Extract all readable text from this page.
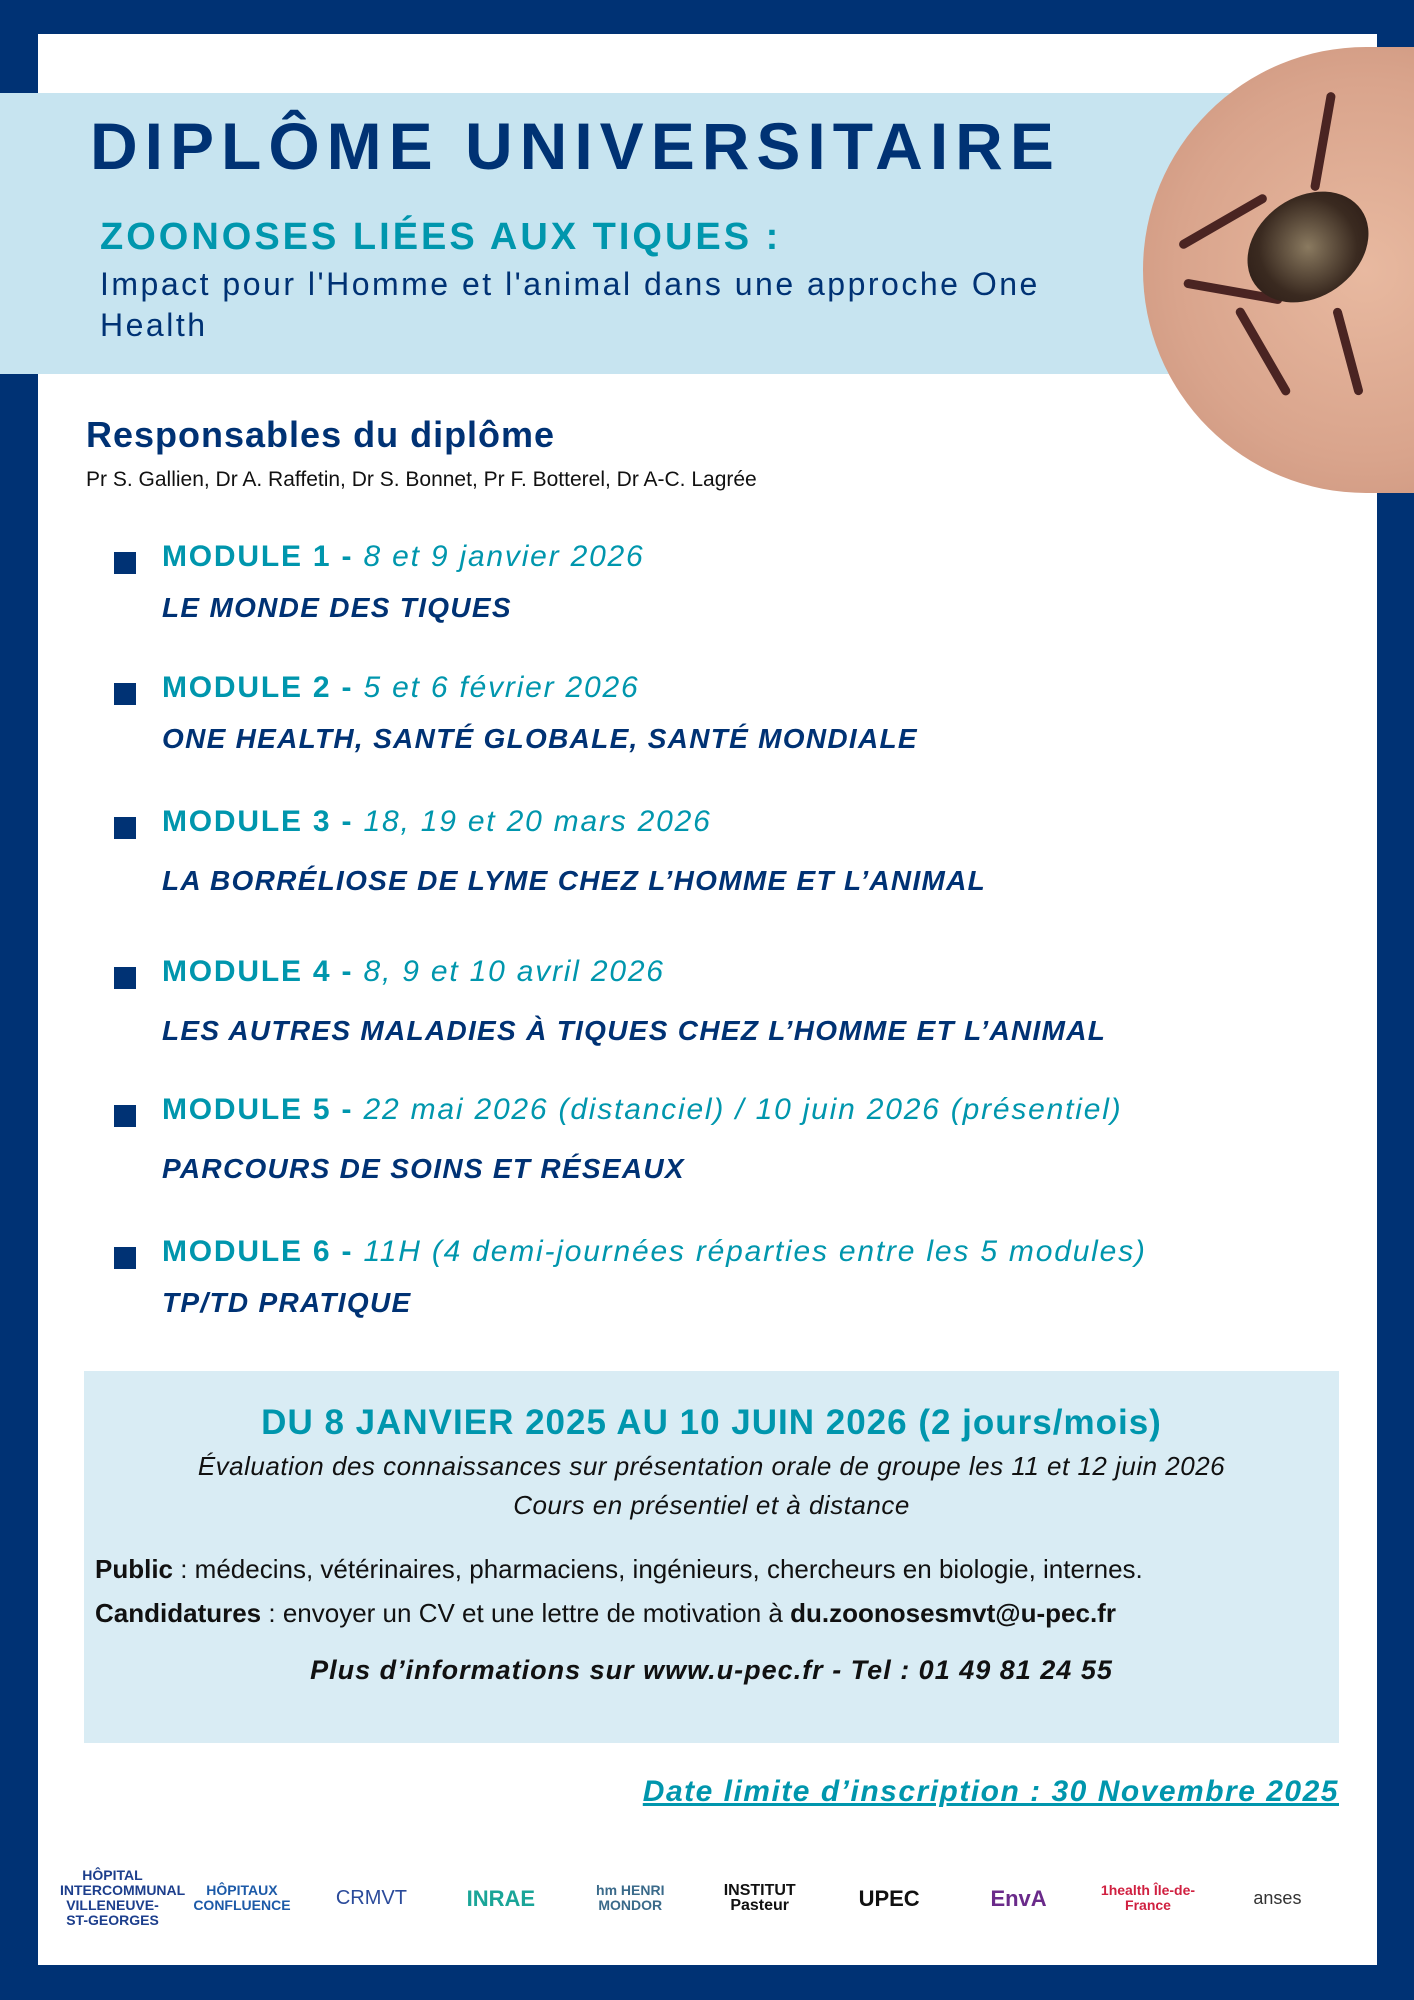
DIPLÔME UNIVERSITAIRE
ZOONOSES LIÉES AUX TIQUES :
Impact pour l'Homme et l'animal dans une approche One Health
Responsables du diplôme
Pr S. Gallien, Dr A. Raffetin, Dr S. Bonnet, Pr F. Botterel, Dr A-C. Lagrée
MODULE 1 - 8 et 9 janvier 2026
LE MONDE DES TIQUES
MODULE 2 - 5 et 6 février 2026
ONE HEALTH, SANTÉ GLOBALE, SANTÉ MONDIALE
MODULE 3 - 18, 19 et 20 mars 2026
LA BORRÉLIOSE DE LYME CHEZ L’HOMME ET L’ANIMAL
MODULE 4 - 8, 9 et 10 avril 2026
LES AUTRES MALADIES À TIQUES CHEZ L’HOMME ET L’ANIMAL
MODULE 5 - 22 mai 2026 (distanciel) / 10 juin 2026 (présentiel)
PARCOURS DE SOINS ET RÉSEAUX
MODULE 6 - 11H (4 demi-journées réparties entre les 5 modules)
TP/TD PRATIQUE
DU 8 JANVIER 2025 AU 10 JUIN 2026 (2 jours/mois)
Évaluation des connaissances sur présentation orale de groupe les 11 et 12 juin 2026
Cours en présentiel et à distance
Public : médecins, vétérinaires, pharmaciens, ingénieurs, chercheurs en biologie, internes.
Candidatures : envoyer un CV et une lettre de motivation à du.zoonosesmvt@u-pec.fr
Plus d’informations sur www.u-pec.fr - Tel : 01 49 81 24 55
Date limite d’inscription : 30 Novembre 2025
HÔPITAL INTERCOMMUNAL VILLENEUVE-ST-GEORGES
HÔPITAUX CONFLUENCE	CRMVT	INRAE	hm HENRI MONDOR
INSTITUT Pasteur	UPEC	EnvA	1health Île-de-France	anses
